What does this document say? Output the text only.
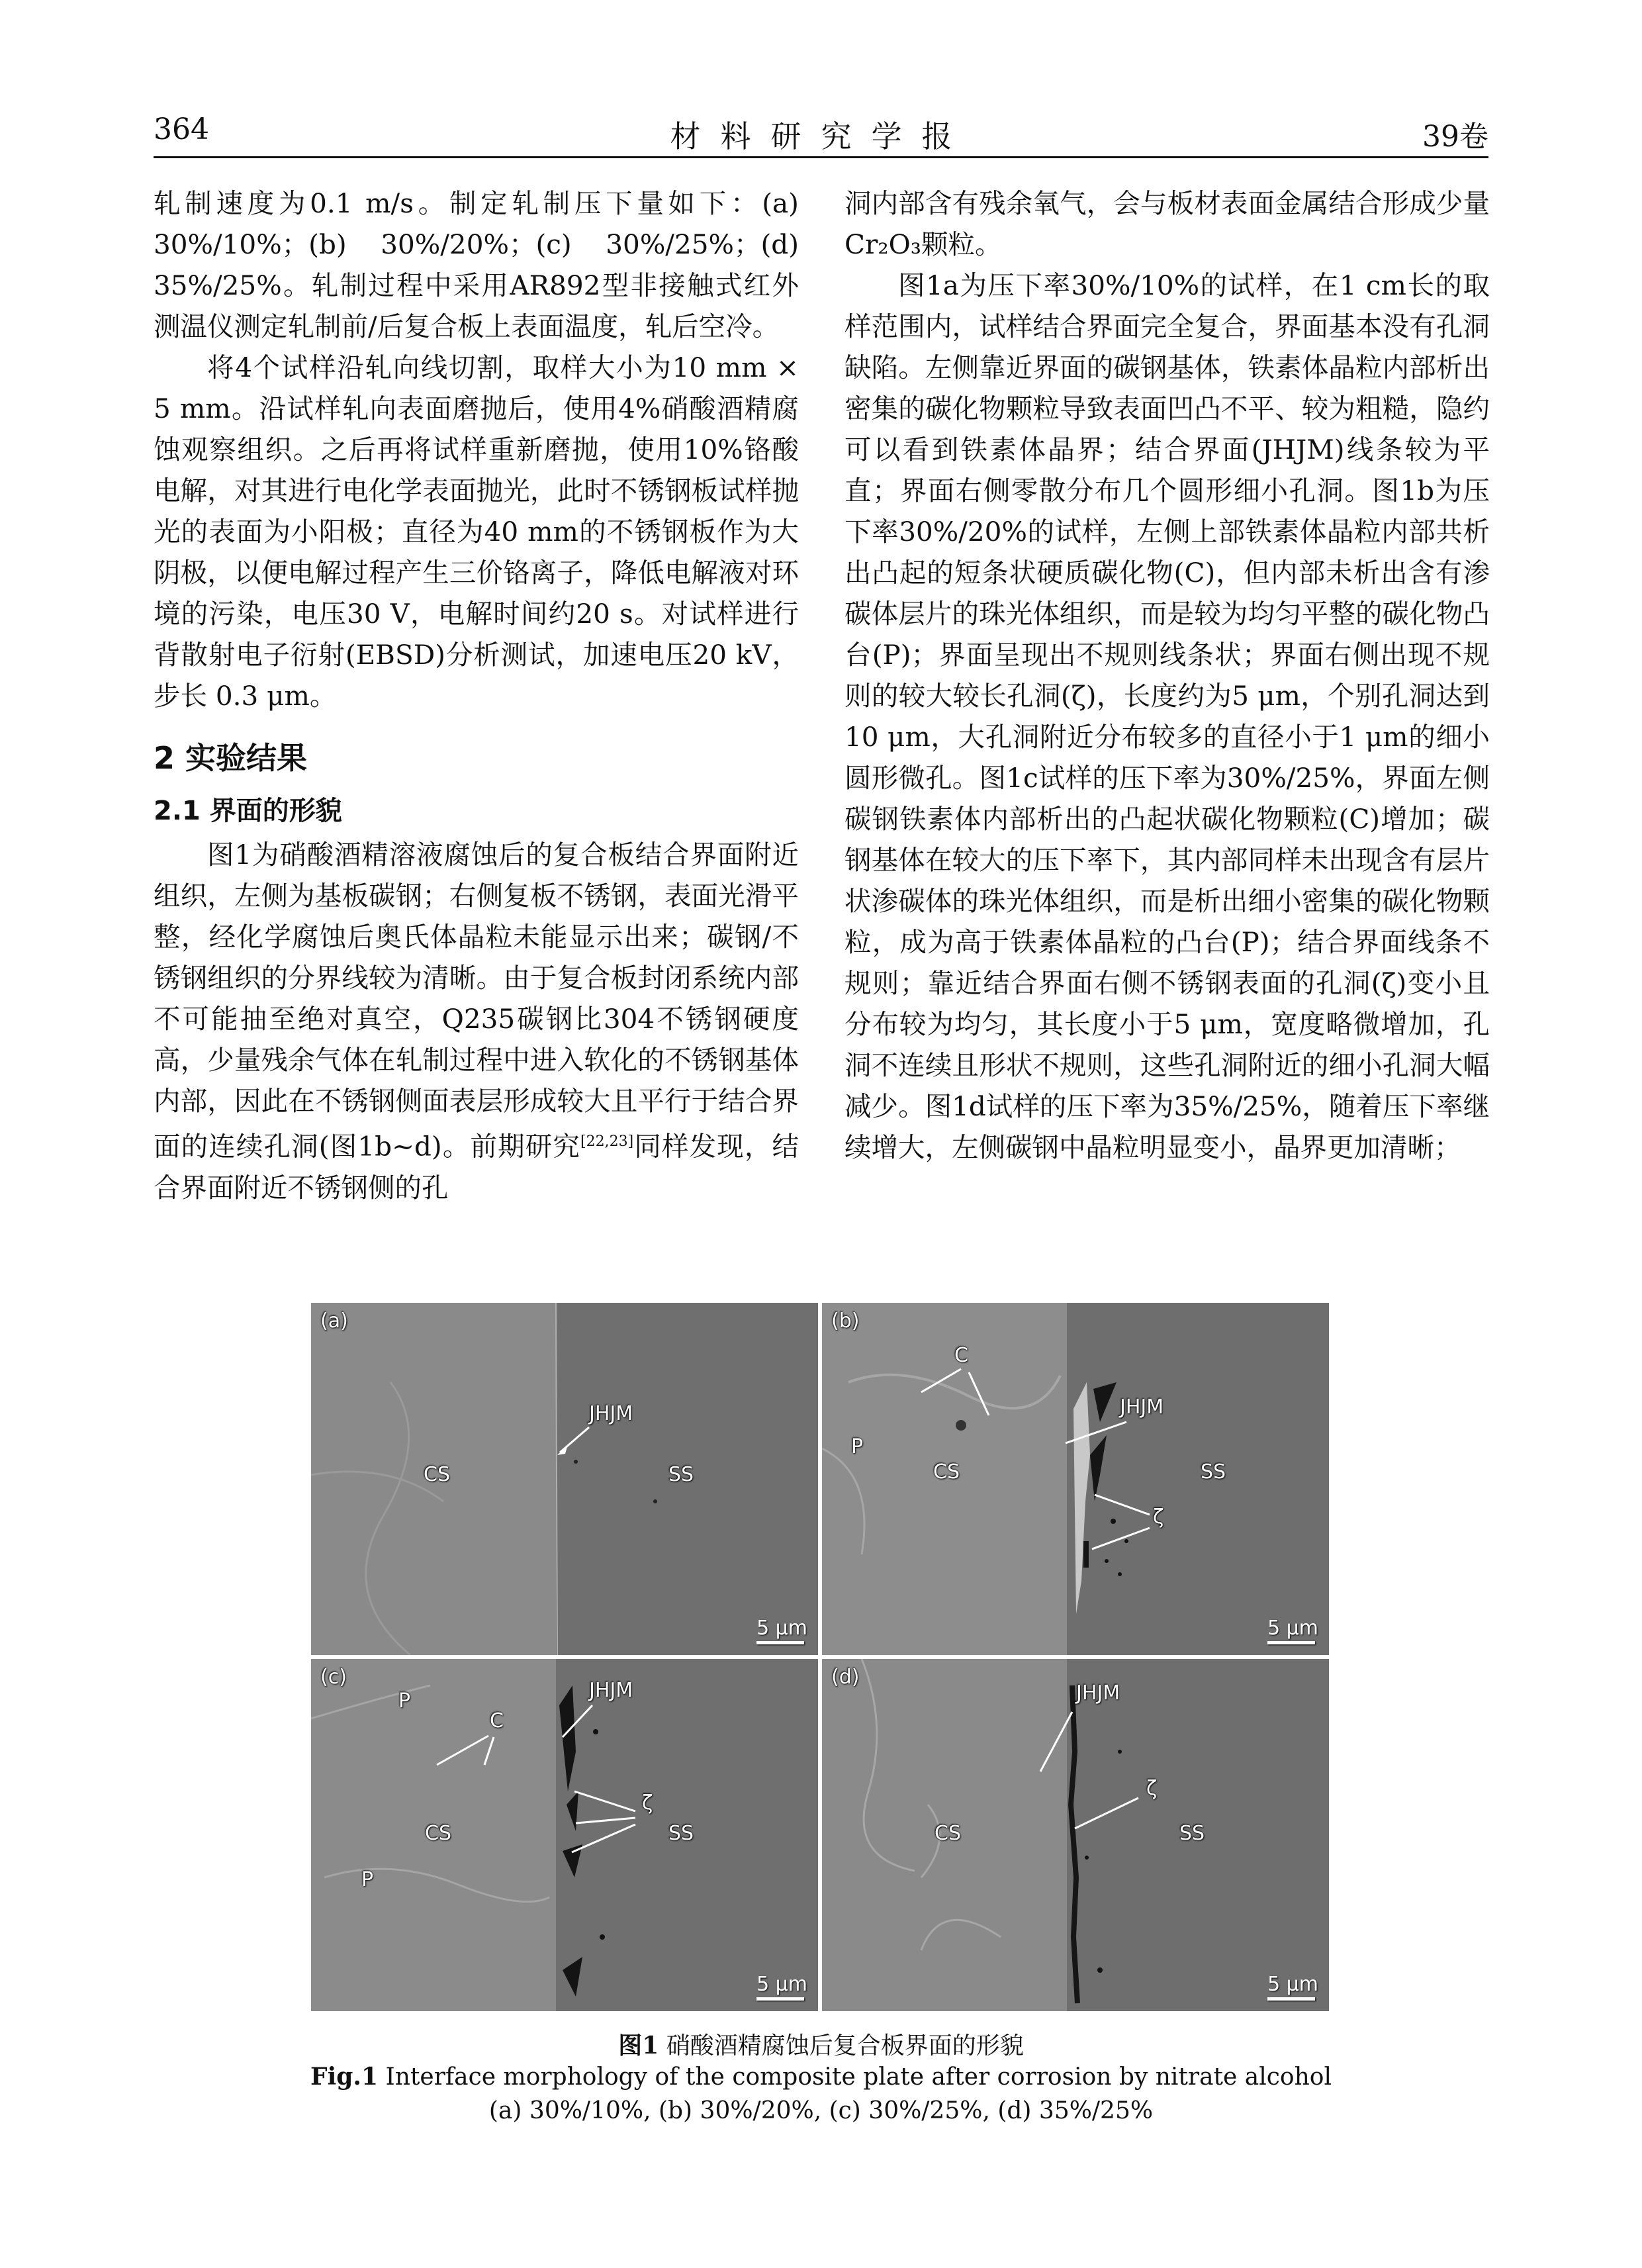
364	材料研究学报	39卷

轧制速度为0.1 m/s。制定轧制压下量如下：(a) 30%/10%；(b) 30%/20%；(c) 30%/25%；(d) 35%/25%。轧制过程中采用AR892型非接触式红外测温仪测定轧制前/后复合板上表面温度，轧后空冷。

将4个试样沿轧向线切割，取样大小为10 mm × 5 mm。沿试样轧向表面磨抛后，使用4%硝酸酒精腐蚀观察组织。之后再将试样重新磨抛，使用10%铬酸电解，对其进行电化学表面抛光，此时不锈钢板试样抛光的表面为小阳极；直径为40 mm的不锈钢板作为大阴极，以便电解过程产生三价铬离子，降低电解液对环境的污染，电压30 V，电解时间约20 s。对试样进行背散射电子衍射(EBSD)分析测试，加速电压20 kV，步长 0.3 μm。

2 实验结果
2.1 界面的形貌

图1为硝酸酒精溶液腐蚀后的复合板结合界面附近组织，左侧为基板碳钢；右侧复板不锈钢，表面光滑平整，经化学腐蚀后奥氏体晶粒未能显示出来；碳钢/不锈钢组织的分界线较为清晰。由于复合板封闭系统内部不可能抽至绝对真空，Q235碳钢比304不锈钢硬度高，少量残余气体在轧制过程中进入软化的不锈钢基体内部，因此在不锈钢侧面表层形成较大且平行于结合界面的连续孔洞(图1b~d)。前期研究[22,23]同样发现，结合界面附近不锈钢侧的孔

洞内部含有残余氧气，会与板材表面金属结合形成少量Cr₂O₃颗粒。

图1a为压下率30%/10%的试样，在1 cm长的取样范围内，试样结合界面完全复合，界面基本没有孔洞缺陷。左侧靠近界面的碳钢基体，铁素体晶粒内部析出密集的碳化物颗粒导致表面凹凸不平、较为粗糙，隐约可以看到铁素体晶界；结合界面(JHJM)线条较为平直；界面右侧零散分布几个圆形细小孔洞。图1b为压下率30%/20%的试样，左侧上部铁素体晶粒内部共析出凸起的短条状硬质碳化物(C)，但内部未析出含有渗碳体层片的珠光体组织，而是较为均匀平整的碳化物凸台(P)；界面呈现出不规则线条状；界面右侧出现不规则的较大较长孔洞(ζ)，长度约为5 μm，个别孔洞达到10 μm，大孔洞附近分布较多的直径小于1 μm的细小圆形微孔。图1c试样的压下率为30%/25%，界面左侧碳钢铁素体内部析出的凸起状碳化物颗粒(C)增加；碳钢基体在较大的压下率下，其内部同样未出现含有层片状渗碳体的珠光体组织，而是析出细小密集的碳化物颗粒，成为高于铁素体晶粒的凸台(P)；结合界面线条不规则；靠近结合界面右侧不锈钢表面的孔洞(ζ)变小且分布较为均匀，其长度小于5 μm，宽度略微增加，孔洞不连续且形状不规则，这些孔洞附近的细小孔洞大幅减少。图1d试样的压下率为35%/25%，随着压下率继续增大，左侧碳钢中晶粒明显变小，晶界更加清晰；

(a)
JHJM
CS	SS
5 μm
(b)
C
JHJM
P
CS	SS
ζ
5 μm
(c)
P	JHJM
C
ζ
CS	SS
P
5 μm
(d)
JHJM
ζ
CS	SS
5 μm
图1 硝酸酒精腐蚀后复合板界面的形貌
Fig.1 Interface morphology of the composite plate after corrosion by nitrate alcohol
(a) 30%/10%, (b) 30%/20%, (c) 30%/25%, (d) 35%/25%
